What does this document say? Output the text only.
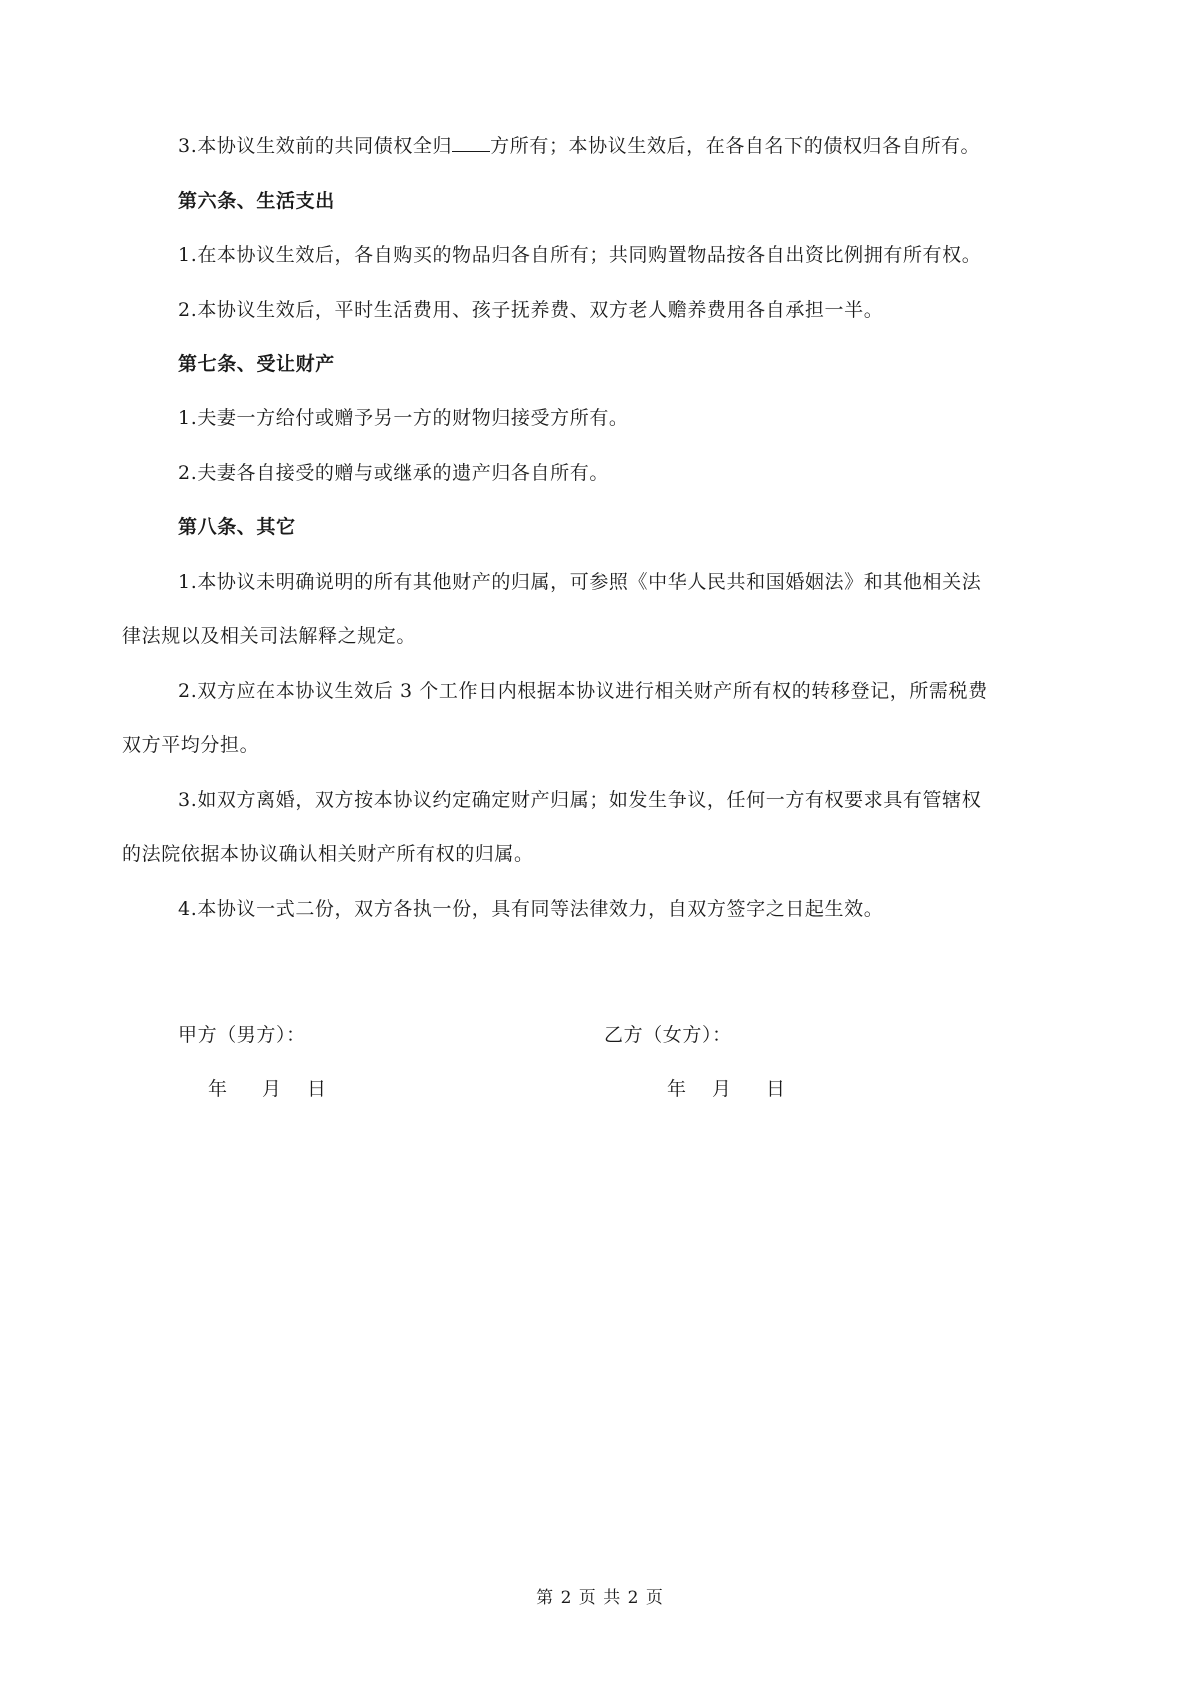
3.本协议生效前的共同债权全归 方所有；本协议生效后，在各自名下的债权归各自所有。
第六条、生活支出
1.在本协议生效后，各自购买的物品归各自所有；共同购置物品按各自出资比例拥有所有权。
2.本协议生效后，平时生活费用、孩子抚养费、双方老人赡养费用各自承担一半。
第七条、受让财产
1.夫妻一方给付或赠予另一方的财物归接受方所有。
2.夫妻各自接受的赠与或继承的遗产归各自所有。
第八条、其它
1.本协议未明确说明的所有其他财产的归属，可参照《中华人民共和国婚姻法》和其他相关法
律法规以及相关司法解释之规定。
2.双方应在本协议生效后 3 个工作日内根据本协议进行相关财产所有权的转移登记，所需税费
双方平均分担。
3.如双方离婚，双方按本协议约定确定财产归属；如发生争议，任何一方有权要求具有管辖权
的法院依据本协议确认相关财产所有权的归属。
4.本协议一式二份，双方各执一份，具有同等法律效力，自双方签字之日起生效。
甲方（男方）：	乙方（女方）：
年 月 日	年 月 日
第 2 页 共 2 页
